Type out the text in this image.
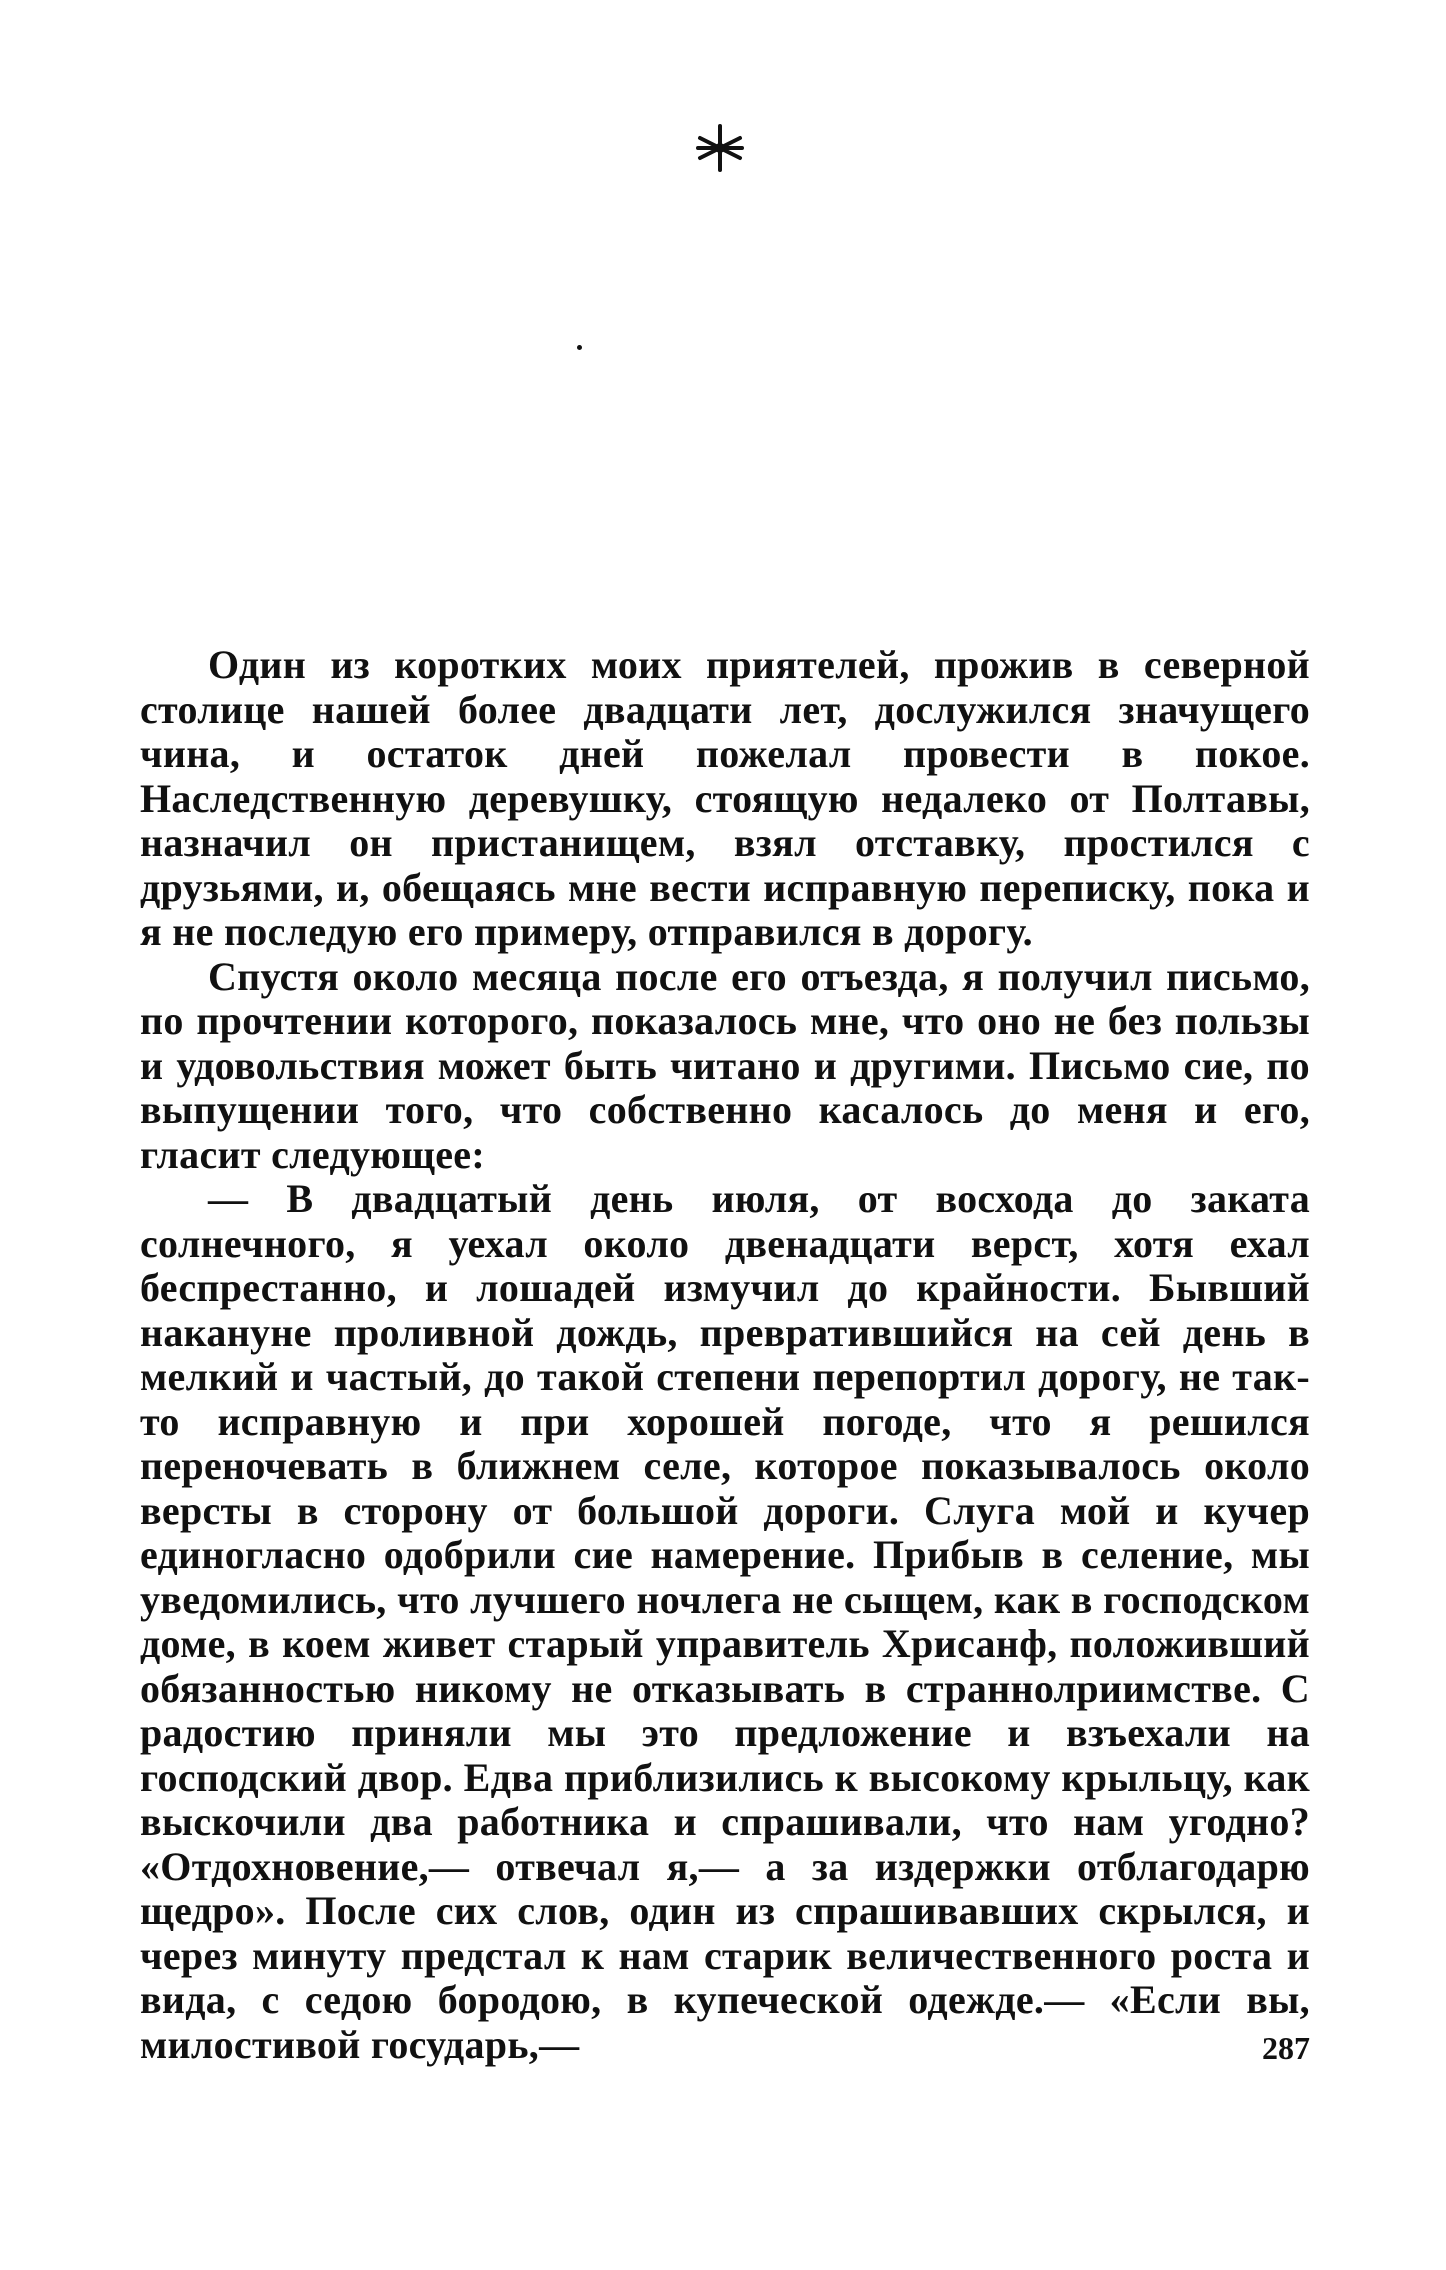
Один из коротких моих приятелей, прожив в северной столице нашей более двадцати лет, дослужился значущего чина, и остаток дней пожелал провести в покое. Наследственную деревушку, стоящую недалеко от Полтавы, назначил он пристанищем, взял отставку, простился с друзьями, и, обещаясь мне вести исправную переписку, пока и я не последую его примеру, отправился в дорогу.

Спустя около месяца после его отъезда, я получил письмо, по прочтении которого, показалось мне, что оно не без пользы и удовольствия может быть читано и другими. Письмо сие, по выпущении того, что собственно касалось до меня и его, гласит следующее:

— В двадцатый день июля, от восхода до заката солнечного, я уехал около двенадцати верст, хотя ехал беспрестанно, и лошадей измучил до крайности. Бывший накануне проливной дождь, превратившийся на сей день в мелкий и частый, до такой степени перепортил дорогу, не так-то исправную и при хорошей погоде, что я решился переночевать в ближнем селе, которое показывалось около версты в сторону от большой дороги. Слуга мой и кучер единогласно одобрили сие намерение. Прибыв в селение, мы уведомились, что лучшего ночлега не сыщем, как в господском доме, в коем живет старый управитель Хрисанф, положивший обязанностью никому не отказывать в страннолриимстве. С радостию приняли мы это предложение и взъехали на господский двор. Едва приблизились к высокому крыльцу, как выскочили два работника и спрашивали, что нам угодно? «Отдохновение,— отвечал я,— а за издержки отблагодарю щедро». После сих слов, один из спрашивавших скрылся, и через минуту предстал к нам старик величественного роста и вида, с седою бородою, в купеческой одежде.— «Если вы, милостивой государь,—	287
